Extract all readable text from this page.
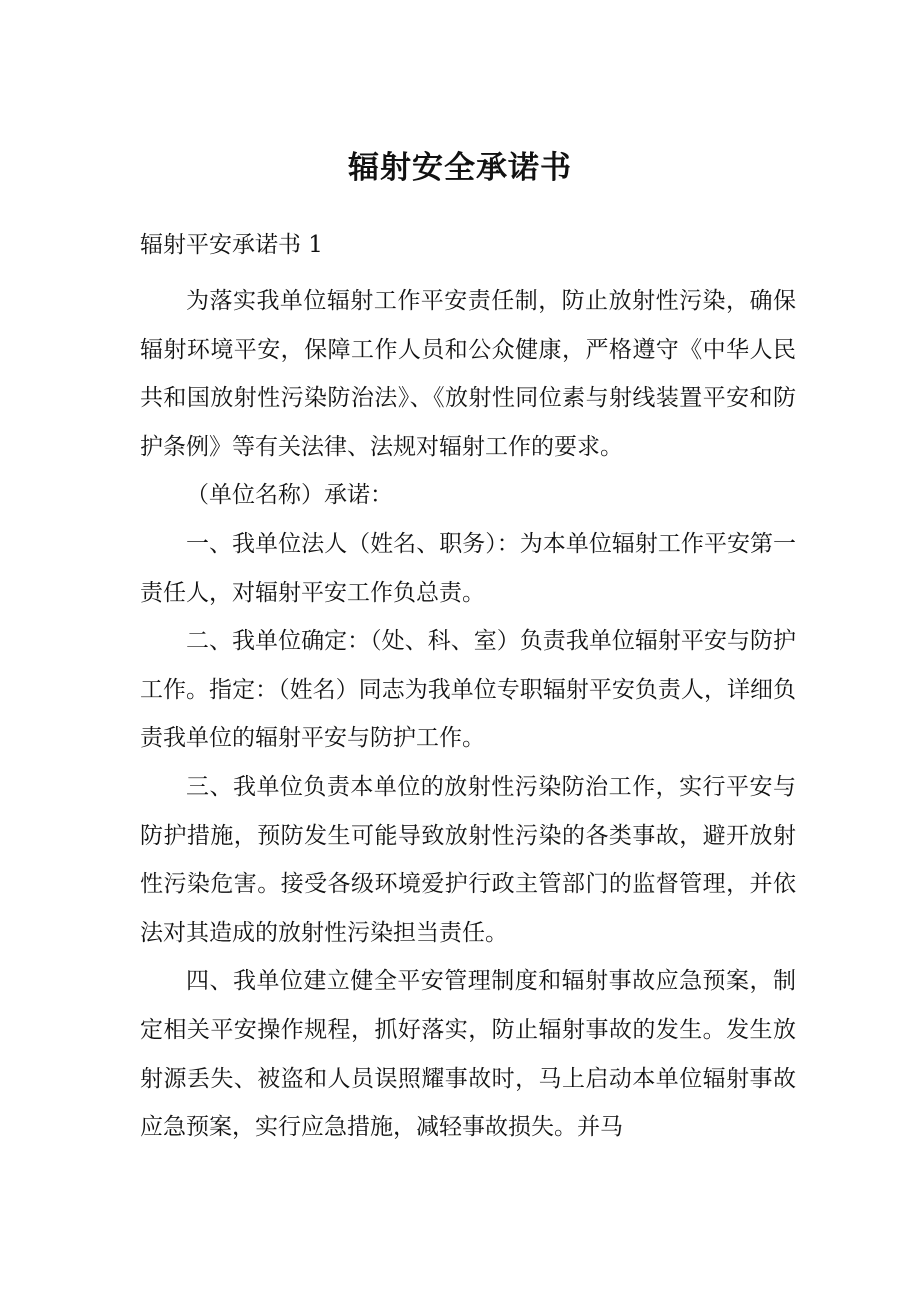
辐射安全承诺书

辐射平安承诺书 1

为落实我单位辐射工作平安责任制，防止放射性污染，确保辐射环境平安，保障工作人员和公众健康，严格遵守《中华人民共和国放射性污染防治法》、《放射性同位素与射线装置平安和防护条例》等有关法律、法规对辐射工作的要求。

（单位名称）承诺：

一、我单位法人（姓名、职务）：为本单位辐射工作平安第一责任人，对辐射平安工作负总责。

二、我单位确定：（处、科、室）负责我单位辐射平安与防护工作。指定：（姓名）同志为我单位专职辐射平安负责人，详细负责我单位的辐射平安与防护工作。

三、我单位负责本单位的放射性污染防治工作，实行平安与防护措施，预防发生可能导致放射性污染的各类事故，避开放射性污染危害。接受各级环境爱护行政主管部门的监督管理，并依法对其造成的放射性污染担当责任。

四、我单位建立健全平安管理制度和辐射事故应急预案，制定相关平安操作规程，抓好落实，防止辐射事故的发生。发生放射源丢失、被盗和人员误照耀事故时，马上启动本单位辐射事故应急预案，实行应急措施，减轻事故损失。并马
